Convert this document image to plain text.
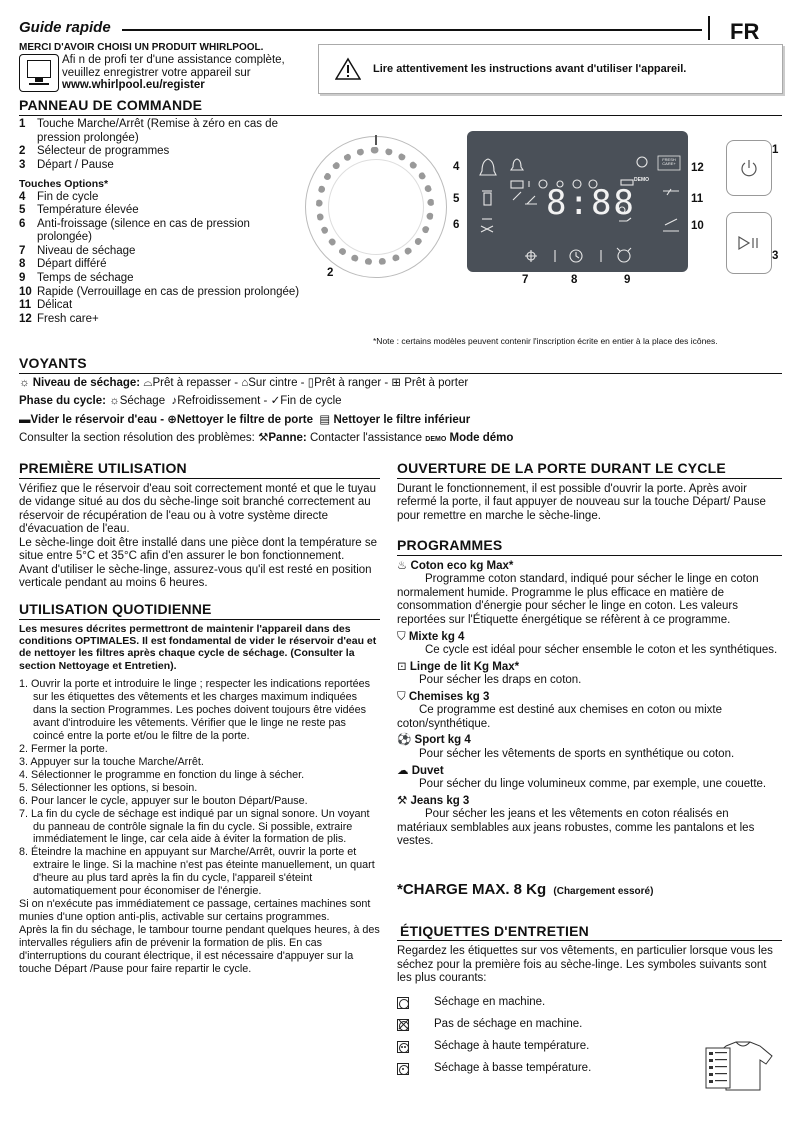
Guide rapide	FR
MERCI D'AVOIR CHOISI UN PRODUIT WHIRLPOOL.
Afi n de profi ter d'une assistance complète,
veuillez enregistrer votre appareil sur
www.whirlpool.eu/register
Lire attentivement les instructions avant d'utiliser l'appareil.
PANNEAU DE COMMANDE
1	Touche Marche/Arrêt (Remise à zéro en cas de pression prolongée)
2	Sélecteur de programmes
3	Départ / Pause
Touches Options*
4	Fin de cycle
5	Température élevée
6	Anti-froissage (silence en cas de pression prolongée)
7	Niveau de séchage
8	Départ différé
9	Temps de séchage
10 Rapide (Verrouillage en cas de pression prolongée)
11 Délicat
12 Fresh care+
2
8:88
FRESH CARE+
DEMO
4
5
6
7	8	9
12
11
10
1
3
*Note : certains modèles peuvent contenir l'inscription écrite en entier à la place des icônes.
VOYANTS
☼ Niveau de séchage: ⌓Prêt à repasser - ⌂Sur cintre - ▯Prêt à ranger - ⊞ Prêt à porter
Phase du cycle: ☼Séchage ♪Refroidissement - ✓Fin de cycle
▬Vider le réservoir d'eau - ⊕Nettoyer le filtre de porte ▤ Nettoyer le filtre inférieur
Consulter la section résolution des problèmes: ⚒Panne: Contacter l'assistance DEMO Mode démo
PREMIÈRE UTILISATION

Vérifiez que le réservoir d'eau soit correctement monté et que le tuyau de vidange situé au dos du sèche-linge soit branché correctement au réservoir de récupération de l'eau ou à votre système directe d'évacuation de l'eau.

Le sèche-linge doit être installé dans une pièce dont la température se situe entre 5°C et 35°C afin d'en assurer le bon fonctionnement.

Avant d'utiliser le sèche-linge, assurez-vous qu'il est resté en position verticale pendant au moins 6 heures.

UTILISATION QUOTIDIENNE

Les mesures décrites permettront de maintenir l'appareil dans des conditions OPTIMALES. Il est fondamental de vider le réservoir d'eau et de nettoyer les filtres après chaque cycle de séchage. (Consulter la section Nettoyage et Entretien).

1. Ouvrir la porte et introduire le linge ; respecter les indications reportées sur les étiquettes des vêtements et les charges maximum indiquées dans la section Programmes. Les poches doivent toujours être vidées avant d'introduire les vêtements. Vérifier que le linge ne reste pas coincé entre la porte et/ou le filtre de la porte.

2. Fermer la porte.

3. Appuyer sur la touche Marche/Arrêt.

4. Sélectionner le programme en fonction du linge à sécher.

5. Sélectionner les options, si besoin.

6. Pour lancer le cycle, appuyer sur le bouton Départ/Pause.

7. La fin du cycle de séchage est indiqué par un signal sonore. Un voyant du panneau de contrôle signale la fin du cycle. Si possible, extraire immédiatement le linge, car cela aide à éviter la formation de plis.

8. Éteindre la machine en appuyant sur Marche/Arrêt, ouvrir la porte et extraire le linge. Si la machine n'est pas éteinte manuellement, un quart d'heure au plus tard après la fin du cycle, l'appareil s'éteint automatiquement pour économiser de l'énergie.

Si on n'exécute pas immédiatement ce passage, certaines machines sont munies d'une option anti-plis, activable sur certains programmes.

Après la fin du séchage, le tambour tourne pendant quelques heures, à des intervalles réguliers afin de prévenir la formation de plis. En cas d'interruptions du courant électrique, il est nécessaire d'appuyer sur la touche Départ /Pause pour faire repartir le cycle.

OUVERTURE DE LA PORTE DURANT LE CYCLE

Durant le fonctionnement, il est possible d'ouvrir la porte. Après avoir refermé la porte, il faut appuyer de nouveau sur la touche Départ/ Pause pour remettre en marche le sèche-linge.

PROGRAMMES
♨ Coton eco kg Max*

Programme coton standard, indiqué pour sécher le linge en coton normalement humide. Programme le plus efficace en matière de consommation d'énergie pour sécher le linge en coton. Les valeurs reportées sur l'Étiquette énergétique se réfèrent à ce programme.

⛉ Mixte kg 4

Ce cycle est idéal pour sécher ensemble le coton et les synthétiques.

⊡ Linge de lit Kg Max*

Pour sécher les draps en coton.

⛉ Chemises kg 3

Ce programme est destiné aux chemises en coton ou mixte coton/synthétique.

⚽ Sport kg 4

Pour sécher les vêtements de sports en synthétique ou coton.

☁ Duvet

Pour sécher du linge volumineux comme, par exemple, une couette.

⚒ Jeans kg 3

Pour sécher les jeans et les vêtements en coton réalisés en matériaux semblables aux jeans robustes, comme les pantalons et les vestes.

*CHARGE MAX. 8 Kg (Chargement essoré)
ÉTIQUETTES D'ENTRETIEN

Regardez les étiquettes sur vos vêtements, en particulier lorsque vous les séchez pour la première fois au sèche-linge. Les symboles suivants sont les plus courants:

Séchage en machine.
Pas de séchage en machine.
Séchage à haute température.
Séchage à basse température.
